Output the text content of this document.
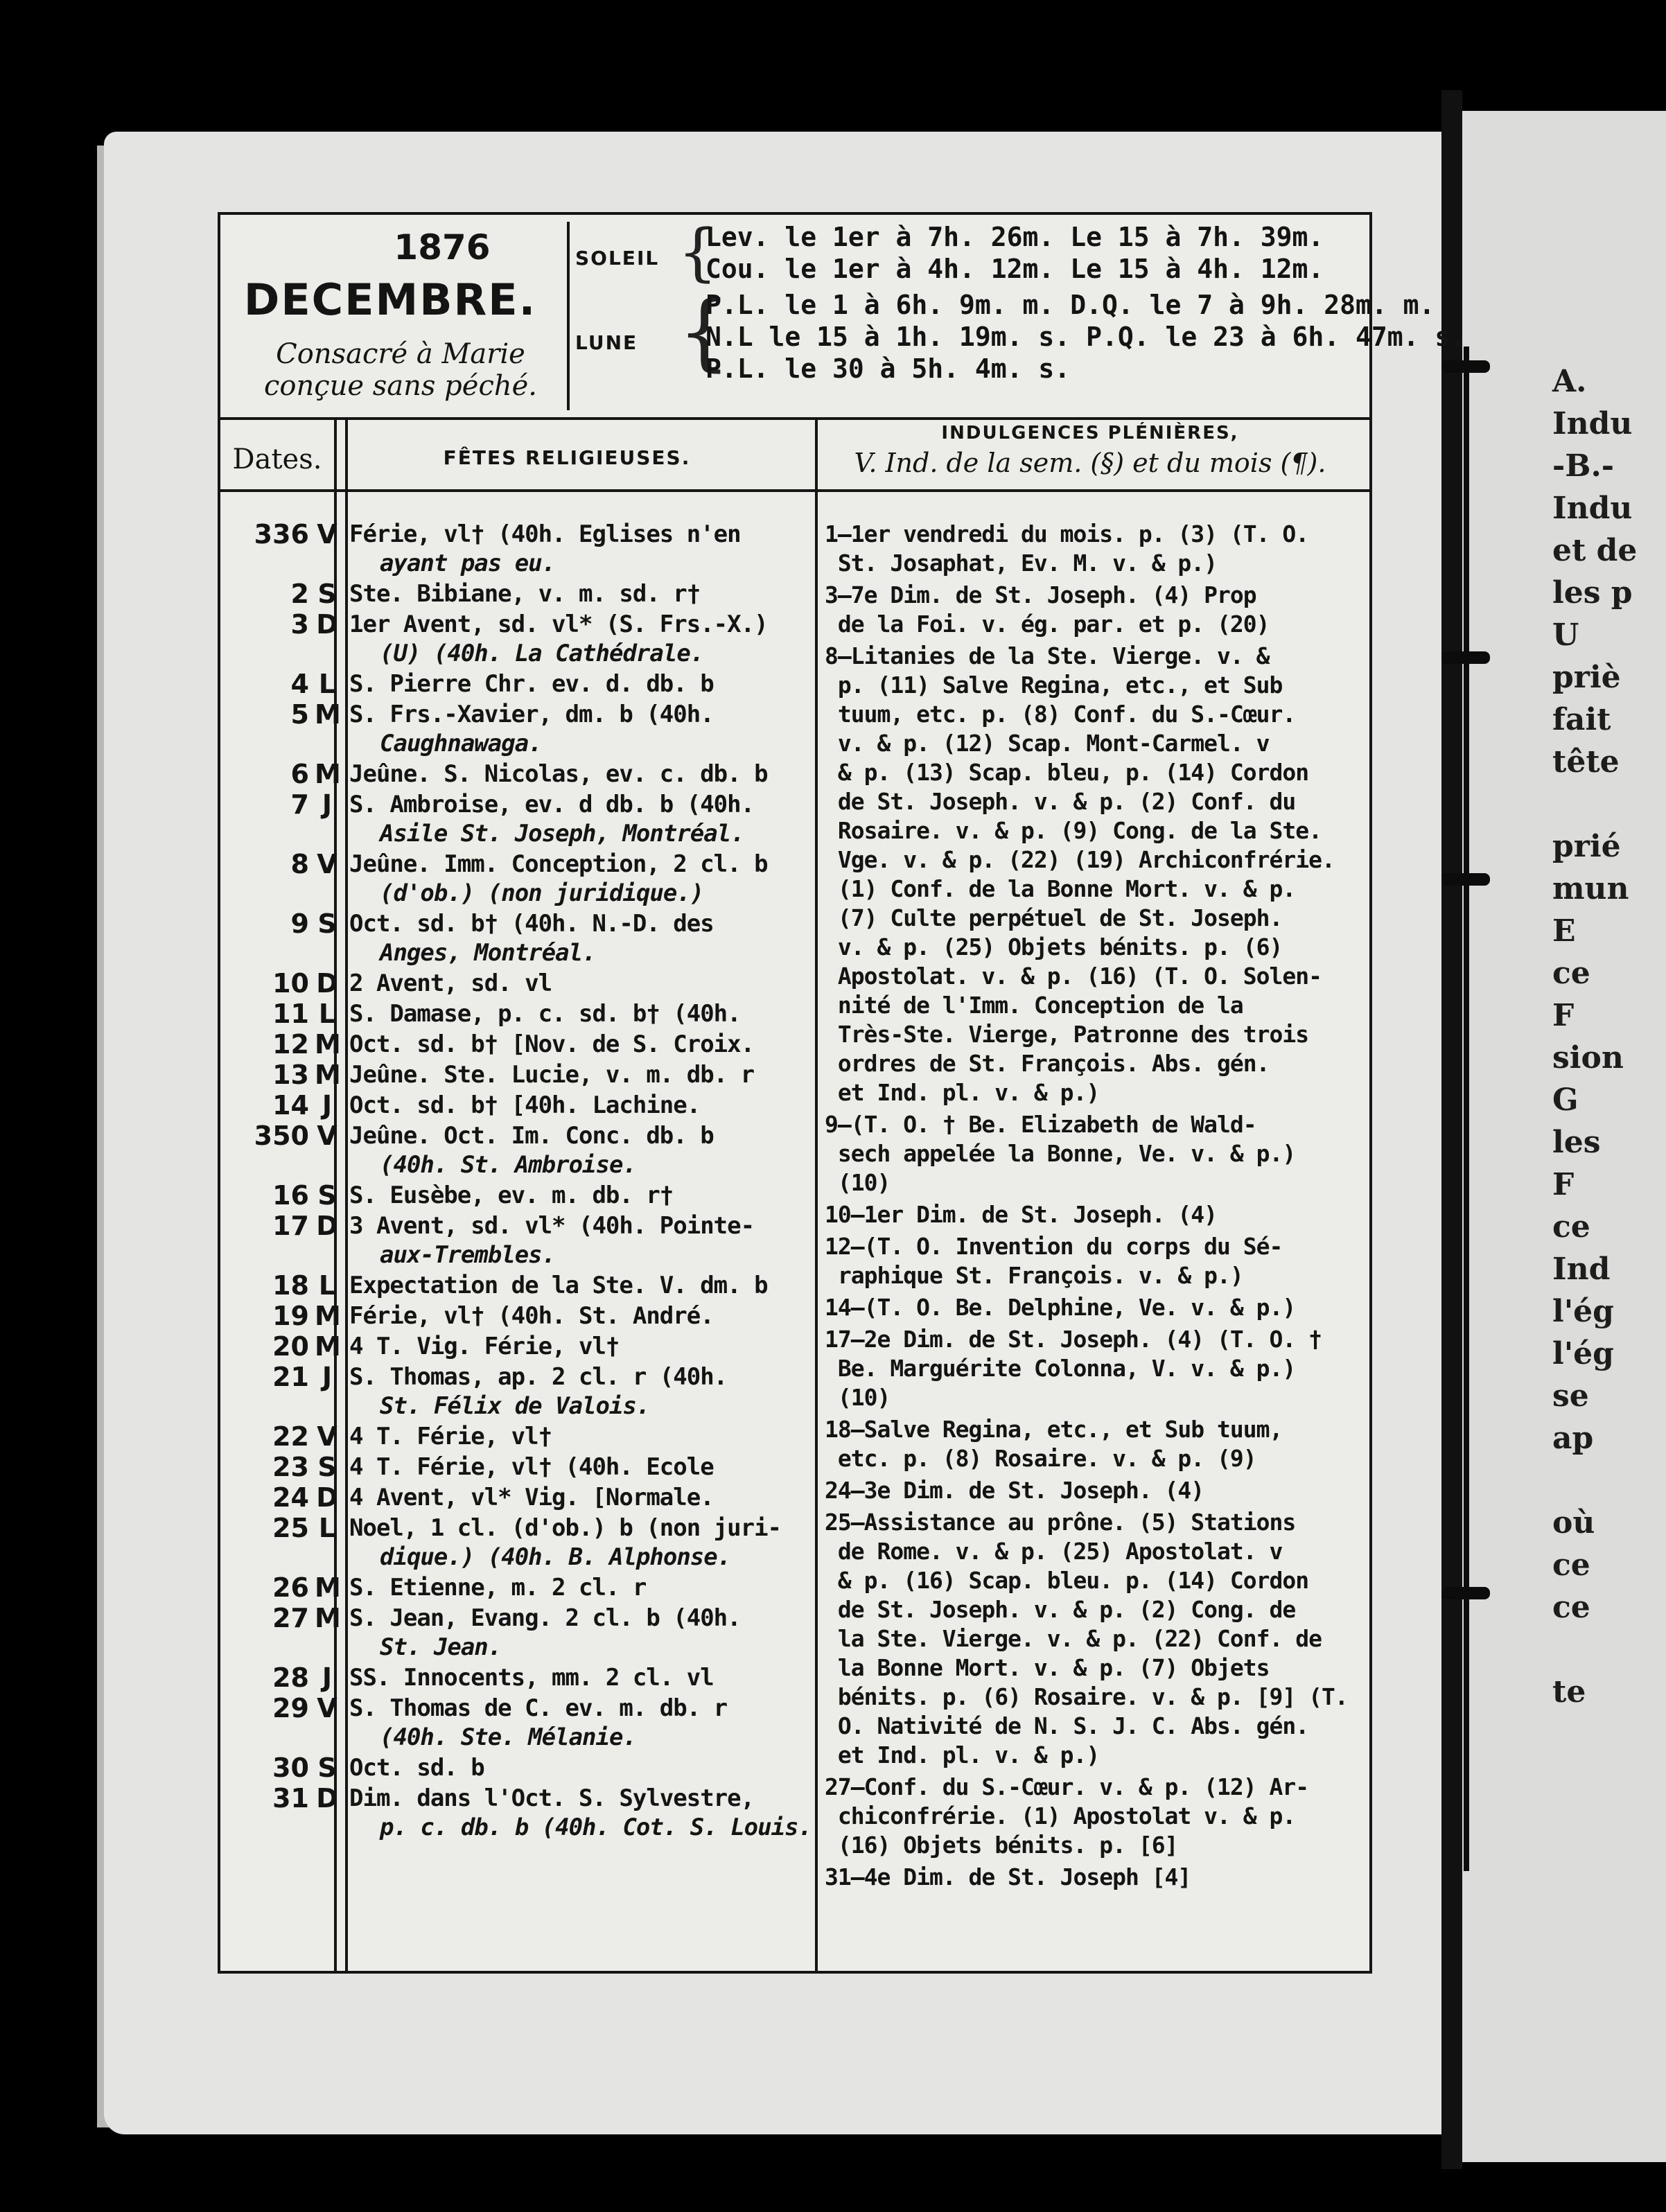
A.
Indu
-B.-
Indu
et de
les p
U
priè
fait
tête

prié
mun
E
ce
F
sion
G
les
F
ce
Ind
l'ég
l'ég
se
ap

où
ce
ce

te
1876
DECEMBRE.
Consacré à Marie conçue sans péché.
SOLEIL {
Lev. le 1er à 7h. 26m. Le 15 à 7h. 39m.
Cou. le 1er à 4h. 12m. Le 15 à 4h. 12m.
LUNE {
P.L. le 1 à 6h. 9m. m. D.Q. le 7 à 9h. 28m. m.
N.L le 15 à 1h. 19m. s. P.Q. le 23 à 6h. 47m. s.
P.L. le 30 à 5h. 4m. s.
Dates.	FÊTES RELIGIEUSES.
INDULGENCES PLÉNIÈRES,
V. Ind. de la sem. (§) et du mois (¶).
336 V Férie, vl† (40h. Eglises n'en
ayant pas eu.
2 S Ste. Bibiane, v. m. sd. r†
3 D 1er Avent, sd. vl* (S. Frs.-X.)
(U) (40h. La Cathédrale.
4 L S. Pierre Chr. ev. d. db. b
5 M S. Frs.-Xavier, dm. b (40h.
Caughnawaga.
6 M Jeûne. S. Nicolas, ev. c. db. b
7 J S. Ambroise, ev. d db. b (40h.
Asile St. Joseph, Montréal.
8 V Jeûne. Imm. Conception, 2 cl. b
(d'ob.) (non juridique.)
9 S Oct. sd. b† (40h. N.-D. des
Anges, Montréal.
10 D 2 Avent, sd. vl
11 L S. Damase, p. c. sd. b† (40h.
12 M Oct. sd. b† [Nov. de S. Croix.
13 M Jeûne. Ste. Lucie, v. m. db. r
14 J Oct. sd. b† [40h. Lachine.
350 V Jeûne. Oct. Im. Conc. db. b
(40h. St. Ambroise.
16 S S. Eusèbe, ev. m. db. r†
17 D 3 Avent, sd. vl* (40h. Pointe-
aux-Trembles.
18 L Expectation de la Ste. V. dm. b
19 M Férie, vl† (40h. St. André.
20 M 4 T. Vig. Férie, vl†
21 J S. Thomas, ap. 2 cl. r (40h.
St. Félix de Valois.
22 V 4 T. Férie, vl†
23 S 4 T. Férie, vl† (40h. Ecole
24 D 4 Avent, vl* Vig. [Normale.
25 L Noel, 1 cl. (d'ob.) b (non juri-
dique.) (40h. B. Alphonse.
26 M S. Etienne, m. 2 cl. r
27 M S. Jean, Evang. 2 cl. b (40h.
St. Jean.
28 J SS. Innocents, mm. 2 cl. vl
29 V S. Thomas de C. ev. m. db. r
(40h. Ste. Mélanie.
30 S Oct. sd. b
31 D Dim. dans l'Oct. S. Sylvestre,
p. c. db. b (40h. Cot. S. Louis.
1—1er vendredi du mois. p. (3) (T. O.
St. Josaphat, Ev. M. v. & p.)
3—7e Dim. de St. Joseph. (4) Prop
de la Foi. v. ég. par. et p. (20)
8—Litanies de la Ste. Vierge. v. &
p. (11) Salve Regina, etc., et Sub
tuum, etc. p. (8) Conf. du S.-Cœur.
v. & p. (12) Scap. Mont-Carmel. v
& p. (13) Scap. bleu, p. (14) Cordon
de St. Joseph. v. & p. (2) Conf. du
Rosaire. v. & p. (9) Cong. de la Ste.
Vge. v. & p. (22) (19) Archiconfrérie.
(1) Conf. de la Bonne Mort. v. & p.
(7) Culte perpétuel de St. Joseph.
v. & p. (25) Objets bénits. p. (6)
Apostolat. v. & p. (16) (T. O. Solen-
nité de l'Imm. Conception de la
Très-Ste. Vierge, Patronne des trois
ordres de St. François. Abs. gén.
et Ind. pl. v. & p.)
9—(T. O. † Be. Elizabeth de Wald-
sech appelée la Bonne, Ve. v. & p.)
(10)
10—1er Dim. de St. Joseph. (4)
12—(T. O. Invention du corps du Sé-
raphique St. François. v. & p.)
14—(T. O. Be. Delphine, Ve. v. & p.)
17—2e Dim. de St. Joseph. (4) (T. O. †
Be. Marguérite Colonna, V. v. & p.)
(10)
18—Salve Regina, etc., et Sub tuum,
etc. p. (8) Rosaire. v. & p. (9)
24—3e Dim. de St. Joseph. (4)
25—Assistance au prône. (5) Stations
de Rome. v. & p. (25) Apostolat. v
& p. (16) Scap. bleu. p. (14) Cordon
de St. Joseph. v. & p. (2) Cong. de
la Ste. Vierge. v. & p. (22) Conf. de
la Bonne Mort. v. & p. (7) Objets
bénits. p. (6) Rosaire. v. & p. [9] (T.
O. Nativité de N. S. J. C. Abs. gén.
et Ind. pl. v. & p.)
27—Conf. du S.-Cœur. v. & p. (12) Ar-
chiconfrérie. (1) Apostolat v. & p.
(16) Objets bénits. p. [6]
31—4e Dim. de St. Joseph [4]
